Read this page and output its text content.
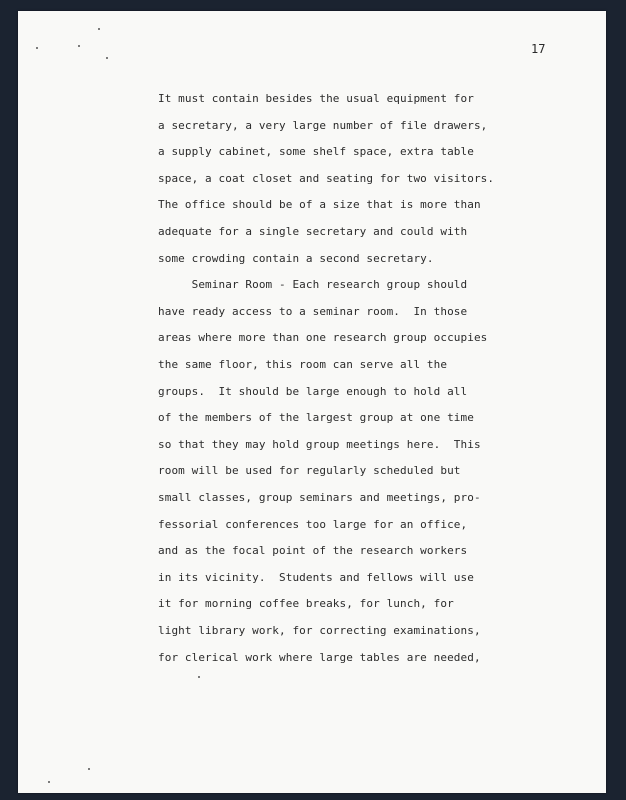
17
It must contain besides the usual equipment for
a secretary, a very large number of file drawers,
a supply cabinet, some shelf space, extra table
space, a coat closet and seating for two visitors.
The office should be of a size that is more than
adequate for a single secretary and could with
some crowding contain a second secretary.
Seminar Room - Each research group should
have ready access to a seminar room.  In those
areas where more than one research group occupies
the same floor, this room can serve all the
groups.  It should be large enough to hold all
of the members of the largest group at one time
so that they may hold group meetings here.  This
room will be used for regularly scheduled but
small classes, group seminars and meetings, pro-
fessorial conferences too large for an office,
and as the focal point of the research workers
in its vicinity.  Students and fellows will use
it for morning coffee breaks, for lunch, for
light library work, for correcting examinations,
for clerical work where large tables are needed,
